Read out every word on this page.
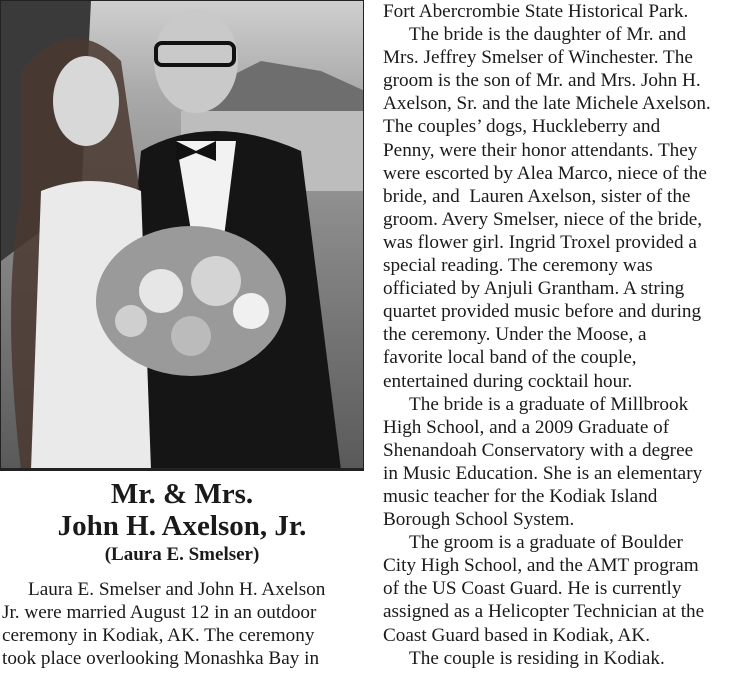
Mr. & Mrs.
John H. Axelson, Jr.
(Laura E. Smelser)
Laura E. Smelser and John H. Axelson
Jr. were married August 12 in an outdoor
ceremony in Kodiak, AK. The ceremony
took place overlooking Monashka Bay in
Fort Abercrombie State Historical Park.
The bride is the daughter of Mr. and
Mrs. Jeffrey Smelser of Winchester. The
groom is the son of Mr. and Mrs. John H.
Axelson, Sr. and the late Michele Axelson.
The couples’ dogs, Huckleberry and
Penny, were their honor attendants. They
were escorted by Alea Marco, niece of the
bride, and  Lauren Axelson, sister of the
groom. Avery Smelser, niece of the bride,
was flower girl. Ingrid Troxel provided a
special reading. The ceremony was
officiated by Anjuli Grantham. A string
quartet provided music before and during
the ceremony. Under the Moose, a
favorite local band of the couple,
entertained during cocktail hour.
The bride is a graduate of Millbrook
High School, and a 2009 Graduate of
Shenandoah Conservatory with a degree
in Music Education. She is an elementary
music teacher for the Kodiak Island
Borough School System.
The groom is a graduate of Boulder
City High School, and the AMT program
of the US Coast Guard. He is currently
assigned as a Helicopter Technician at the
Coast Guard based in Kodiak, AK.
The couple is residing in Kodiak.
